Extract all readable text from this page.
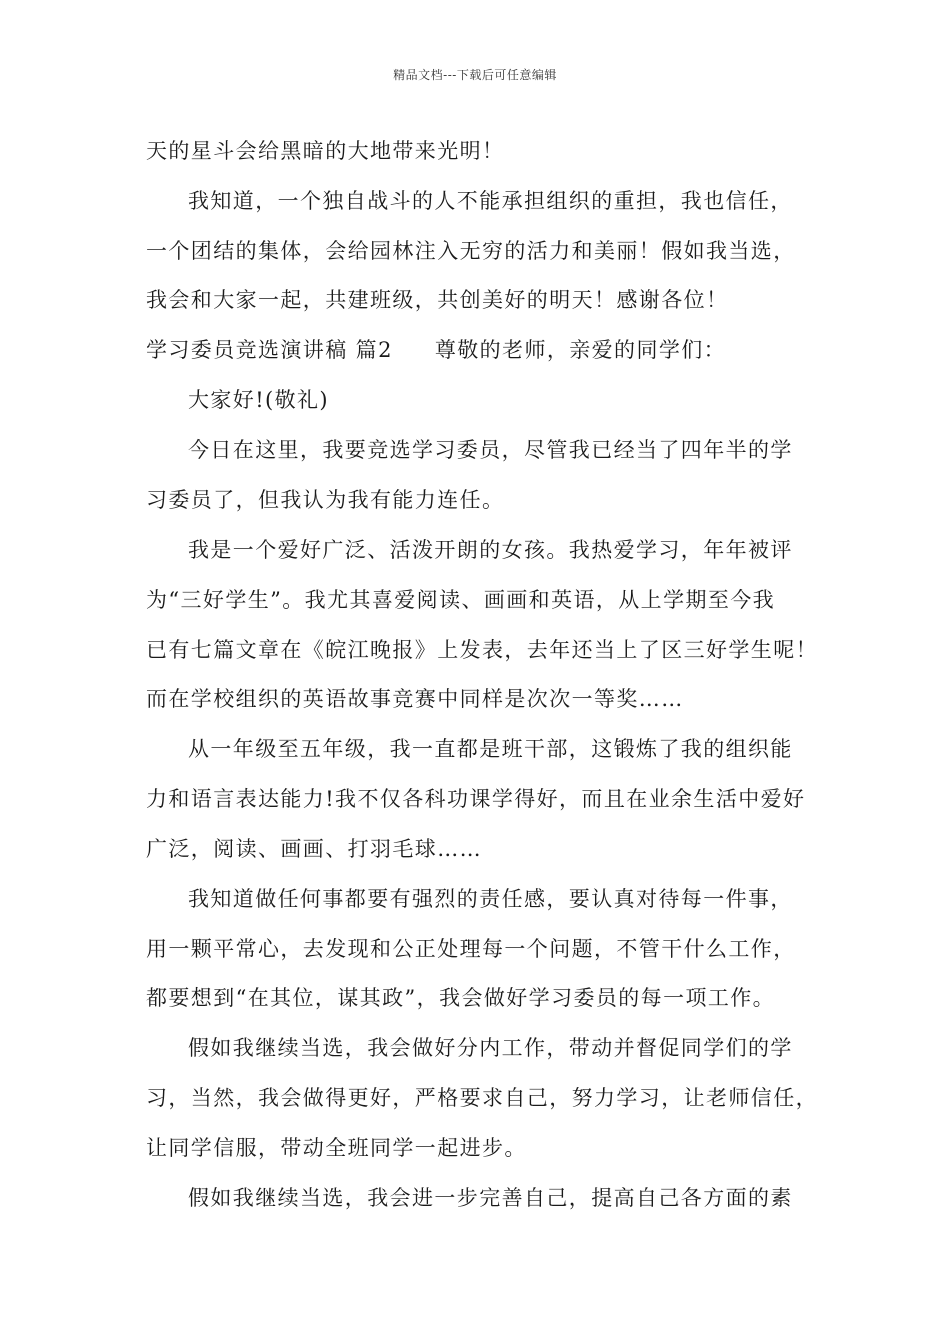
精品文档---下载后可任意编辑
天的星斗会给黑暗的大地带来光明！
我知道，一个独自战斗的人不能承担组织的重担，我也信任，
一个团结的集体，会给园林注入无穷的活力和美丽！假如我当选，
我会和大家一起，共建班级，共创美好的明天！感谢各位！
学习委员竞选演讲稿 篇2 尊敬的老师，亲爱的同学们：
大家好!(敬礼)
今日在这里，我要竞选学习委员，尽管我已经当了四年半的学
习委员了，但我认为我有能力连任。
我是一个爱好广泛、活泼开朗的女孩。我热爱学习，年年被评
为“三好学生”。我尤其喜爱阅读、画画和英语，从上学期至今我
已有七篇文章在《皖江晚报》上发表，去年还当上了区三好学生呢！
而在学校组织的英语故事竞赛中同样是次次一等奖……
从一年级至五年级，我一直都是班干部，这锻炼了我的组织能
力和语言表达能力!我不仅各科功课学得好，而且在业余生活中爱好
广泛，阅读、画画、打羽毛球……
我知道做任何事都要有强烈的责任感，要认真对待每一件事，
用一颗平常心，去发现和公正处理每一个问题，不管干什么工作，
都要想到“在其位，谋其政”，我会做好学习委员的每一项工作。
假如我继续当选，我会做好分内工作，带动并督促同学们的学
习，当然，我会做得更好，严格要求自己，努力学习，让老师信任，
让同学信服，带动全班同学一起进步。
假如我继续当选，我会进一步完善自己，提高自己各方面的素
